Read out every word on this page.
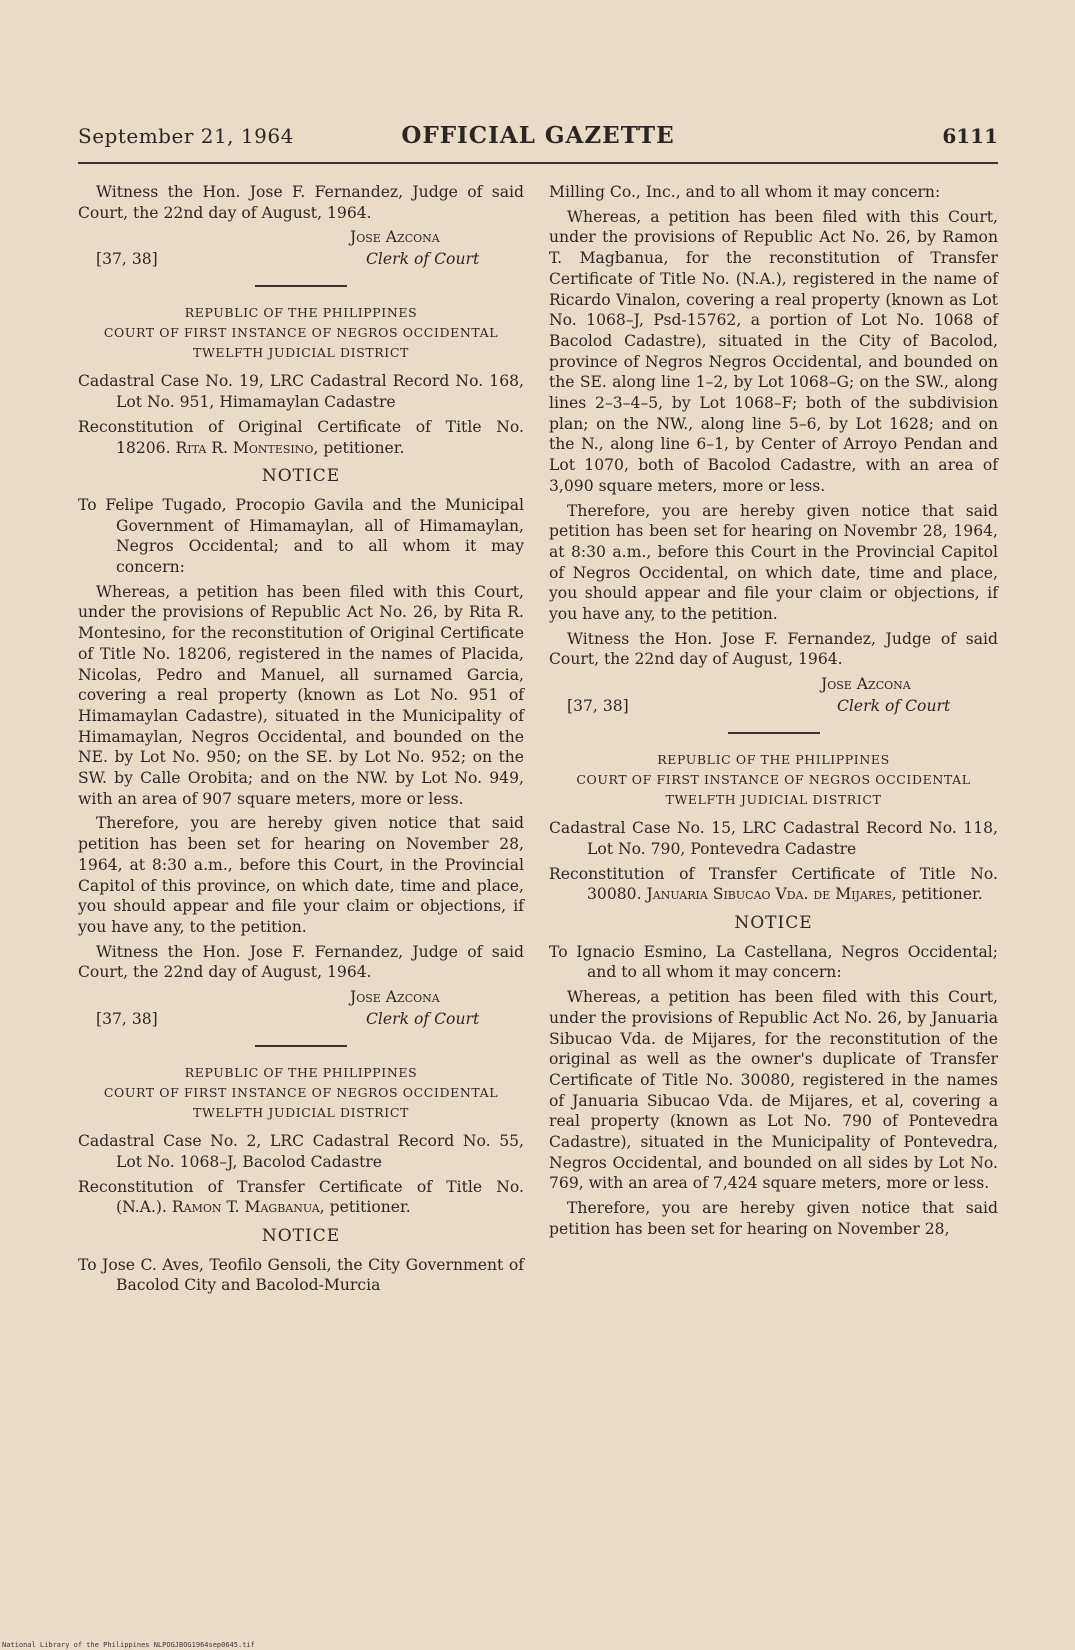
September 21, 1964	OFFICIAL GAZETTE	6111

Witness the Hon. Jose F. Fernandez, Judge of said Court, the 22nd day of August, 1964.

Jose Azcona
[37, 38]	Clerk of Court
REPUBLIC OF THE PHILIPPINES
COURT OF FIRST INSTANCE OF NEGROS OCCIDENTAL
TWELFTH JUDICIAL DISTRICT

Cadastral Case No. 19, LRC Cadastral Record No. 168, Lot No. 951, Himamaylan Cadastre

Reconstitution of Original Certificate of Title No. 18206. Rita R. Montesino, petitioner.

NOTICE

To Felipe Tugado, Procopio Gavila and the Municipal Government of Himamaylan, all of Himamaylan, Negros Occidental; and to all whom it may concern:

Whereas, a petition has been filed with this Court, under the provisions of Republic Act No. 26, by Rita R. Montesino, for the reconstitution of Original Certificate of Title No. 18206, registered in the names of Placida, Nicolas, Pedro and Manuel, all surnamed Garcia, covering a real property (known as Lot No. 951 of Himamaylan Cadastre), situated in the Municipality of Himamaylan, Negros Occidental, and bounded on the NE. by Lot No. 950; on the SE. by Lot No. 952; on the SW. by Calle Orobita; and on the NW. by Lot No. 949, with an area of 907 square meters, more or less.

Therefore, you are hereby given notice that said petition has been set for hearing on November 28, 1964, at 8:30 a.m., before this Court, in the Provincial Capitol of this province, on which date, time and place, you should appear and file your claim or objections, if you have any, to the petition.

Witness the Hon. Jose F. Fernandez, Judge of said Court, the 22nd day of August, 1964.

Jose Azcona
[37, 38]	Clerk of Court
REPUBLIC OF THE PHILIPPINES
COURT OF FIRST INSTANCE OF NEGROS OCCIDENTAL
TWELFTH JUDICIAL DISTRICT

Cadastral Case No. 2, LRC Cadastral Record No. 55, Lot No. 1068–J, Bacolod Cadastre

Reconstitution of Transfer Certificate of Title No. (N.A.). Ramon T. Magbanua, petitioner.

NOTICE

To Jose C. Aves, Teofilo Gensoli, the City Government of Bacolod City and Bacolod-Murcia

Milling Co., Inc., and to all whom it may concern:

Whereas, a petition has been filed with this Court, under the provisions of Republic Act No. 26, by Ramon T. Magbanua, for the reconstitution of Transfer Certificate of Title No. (N.A.), registered in the name of Ricardo Vinalon, covering a real property (known as Lot No. 1068–J, Psd-15762, a portion of Lot No. 1068 of Bacolod Cadastre), situated in the City of Bacolod, province of Negros Negros Occidental, and bounded on the SE. along line 1–2, by Lot 1068–G; on the SW., along lines 2–3–4–5, by Lot 1068–F; both of the subdivision plan; on the NW., along line 5–6, by Lot 1628; and on the N., along line 6–1, by Center of Arroyo Pendan and Lot 1070, both of Bacolod Cadastre, with an area of 3,090 square meters, more or less.

Therefore, you are hereby given notice that said petition has been set for hearing on Novembr 28, 1964, at 8:30 a.m., before this Court in the Provincial Capitol of Negros Occidental, on which date, time and place, you should appear and file your claim or objections, if you have any, to the petition.

Witness the Hon. Jose F. Fernandez, Judge of said Court, the 22nd day of August, 1964.

Jose Azcona
[37, 38]	Clerk of Court
REPUBLIC OF THE PHILIPPINES
COURT OF FIRST INSTANCE OF NEGROS OCCIDENTAL
TWELFTH JUDICIAL DISTRICT

Cadastral Case No. 15, LRC Cadastral Record No. 118, Lot No. 790, Pontevedra Cadastre

Reconstitution of Transfer Certificate of Title No. 30080. Januaria Sibucao Vda. de Mijares, petitioner.

NOTICE

To Ignacio Esmino, La Castellana, Negros Occidental; and to all whom it may concern:

Whereas, a petition has been filed with this Court, under the provisions of Republic Act No. 26, by Januaria Sibucao Vda. de Mijares, for the reconstitution of the original as well as the owner's duplicate of Transfer Certificate of Title No. 30080, registered in the names of Januaria Sibucao Vda. de Mijares, et al, covering a real property (known as Lot No. 790 of Pontevedra Cadastre), situated in the Municipality of Pontevedra, Negros Occidental, and bounded on all sides by Lot No. 769, with an area of 7,424 square meters, more or less.

Therefore, you are hereby given notice that said petition has been set for hearing on November 28,

National Library of the Philippines NLPOGJBOG1964sep0645.tif
